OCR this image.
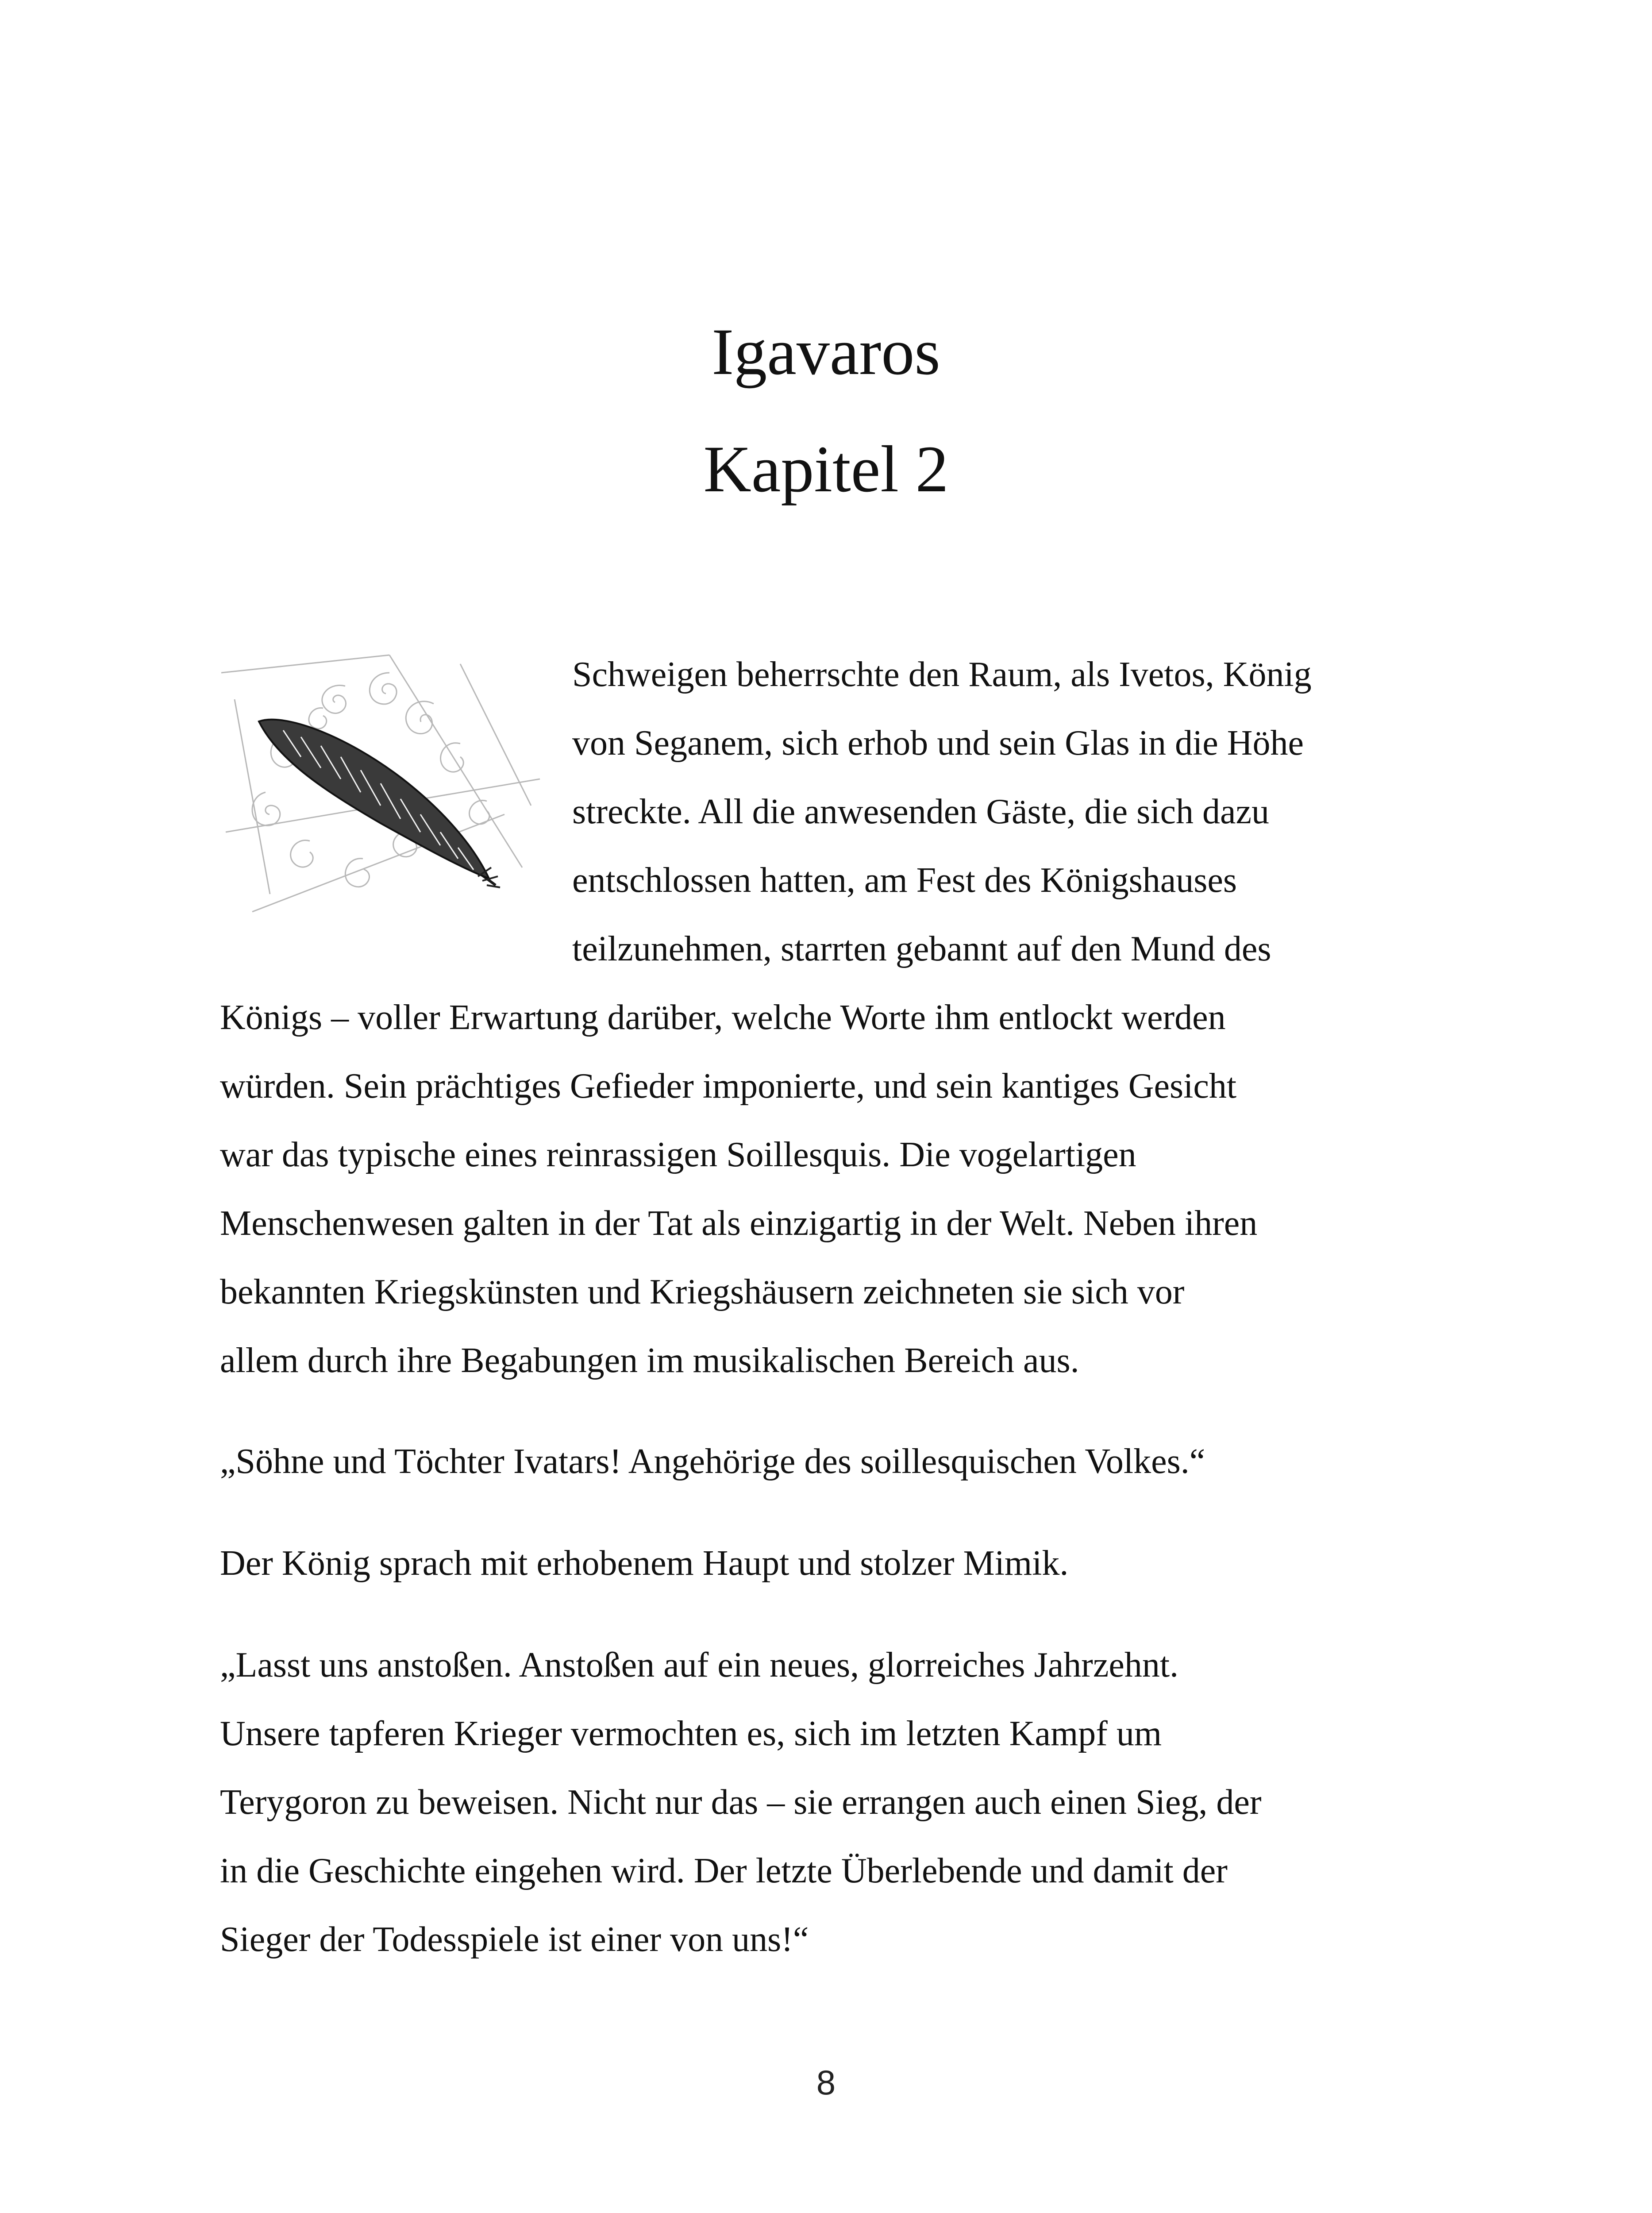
Igavaros
Kapitel 2
Schweigen beherrschte den Raum, als Ivetos, König
von Seganem, sich erhob und sein Glas in die Höhe
streckte. All die anwesenden Gäste, die sich dazu
entschlossen hatten, am Fest des Königshauses
teilzunehmen, starrten gebannt auf den Mund des
Königs – voller Erwartung darüber, welche Worte ihm entlockt werden
würden. Sein prächtiges Gefieder imponierte, und sein kantiges Gesicht
war das typische eines reinrassigen Soillesquis. Die vogelartigen
Menschenwesen galten in der Tat als einzigartig in der Welt. Neben ihren
bekannten Kriegskünsten und Kriegshäusern zeichneten sie sich vor
allem durch ihre Begabungen im musikalischen Bereich aus.
„Söhne und Töchter Ivatars! Angehörige des soillesquischen Volkes.“
Der König sprach mit erhobenem Haupt und stolzer Mimik.
„Lasst uns anstoßen. Anstoßen auf ein neues, glorreiches Jahrzehnt.
Unsere tapferen Krieger vermochten es, sich im letzten Kampf um
Terygoron zu beweisen. Nicht nur das – sie errangen auch einen Sieg, der
in die Geschichte eingehen wird. Der letzte Überlebende und damit der
Sieger der Todesspiele ist einer von uns!“
8
